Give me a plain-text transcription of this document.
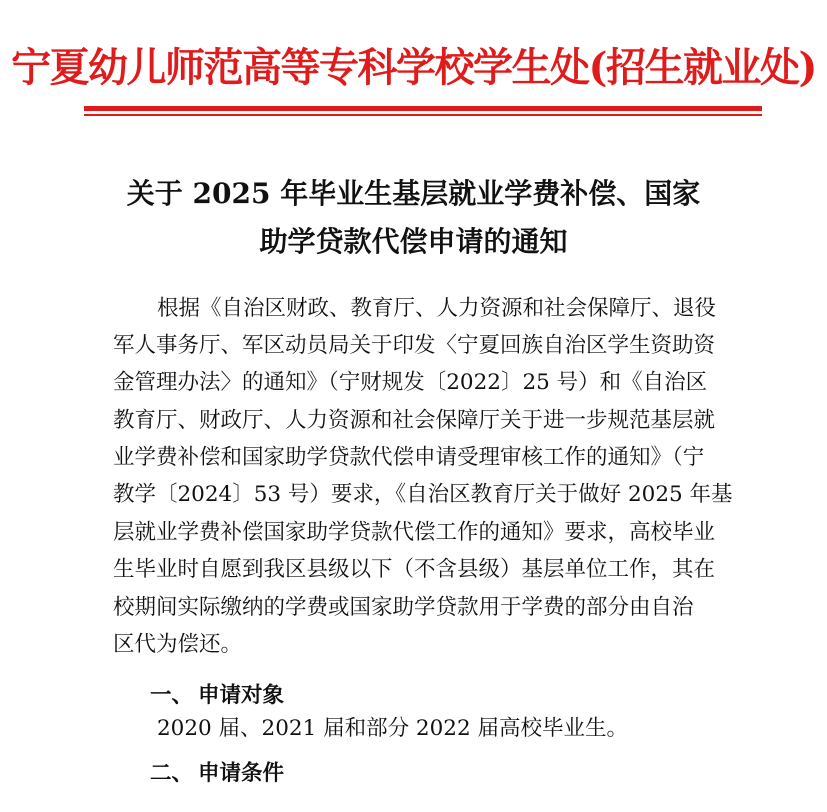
宁夏幼儿师范高等专科学校学生处(招生就业处)
关于 2025 年毕业生基层就业学费补偿、国家
助学贷款代偿申请的通知
根据《自治区财政、教育厅、人力资源和社会保障厅、退役
军人事务厅、军区动员局关于印发〈宁夏回族自治区学生资助资
金管理办法〉的通知》（宁财规发〔2022〕25 号）和《自治区
教育厅、财政厅、人力资源和社会保障厅关于进一步规范基层就
业学费补偿和国家助学贷款代偿申请受理审核工作的通知》（宁
教学〔2024〕53 号）要求，《自治区教育厅关于做好 2025 年基
层就业学费补偿国家助学贷款代偿工作的通知》要求，高校毕业
生毕业时自愿到我区县级以下（不含县级）基层单位工作，其在
校期间实际缴纳的学费或国家助学贷款用于学费的部分由自治
区代为偿还。
一、 申请对象
2020 届、2021 届和部分 2022 届高校毕业生。
二、 申请条件
